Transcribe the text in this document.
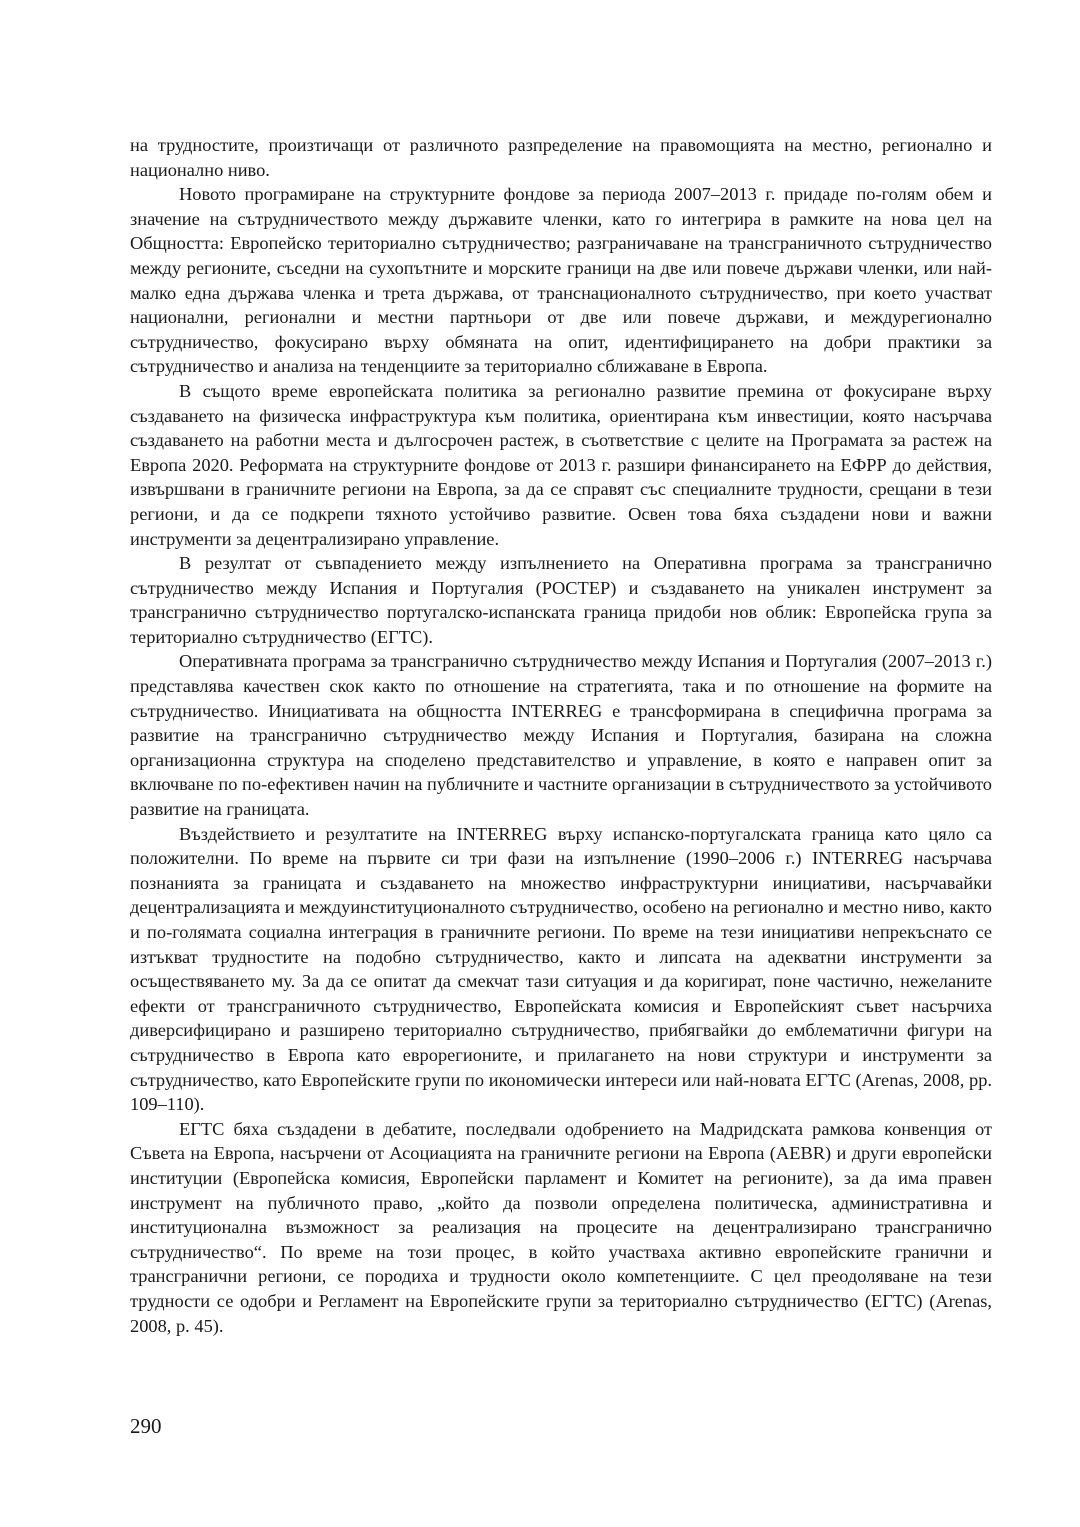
на трудностите, произтичащи от различното разпределение на правомощията на местно, регионално и национално ниво.

Новото програмиране на структурните фондове за периода 2007–2013 г. придаде по-голям обем и значение на сътрудничеството между държавите членки, като го интегрира в рамките на нова цел на Общността: Европейско териториално сътрудничество; разграничаване на трансграничното сътрудничество между регионите, съседни на сухопътните и морските граници на две или повече държави членки, или най-малко една държава членка и трета държава, от транснационалното сътрудничество, при което участват национални, регионални и местни партньори от две или повече държави, и междурегионално сътрудничество, фокусирано върху обмяната на опит, идентифицирането на добри практики за сътрудничество и анализа на тенденциите за териториално сближаване в Европа.

В същото време европейската политика за регионално развитие премина от фокусиране върху създаването на физическа инфраструктура към политика, ориентирана към инвестиции, която насърчава създаването на работни места и дългосрочен растеж, в съответствие с целите на Програмата за растеж на Европа 2020. Реформата на структурните фондове от 2013 г. разшири финансирането на ЕФРР до действия, извършвани в граничните региони на Европа, за да се справят със специалните трудности, срещани в тези региони, и да се подкрепи тяхното устойчиво развитие. Освен това бяха създадени нови и важни инструменти за децентрализирано управление.

В резултат от съвпадението между изпълнението на Оперативна програма за трансгранично сътрудничество между Испания и Португалия (POCTEP) и създаването на уникален инструмент за трансгранично сътрудничество португалско-испанската граница придоби нов облик: Европейска група за териториално сътрудничество (ЕГТС).

Оперативната програма за трансгранично сътрудничество между Испания и Португалия (2007–2013 г.) представлява качествен скок както по отношение на стратегията, така и по отношение на формите на сътрудничество. Инициативата на общността INTERREG е трансформирана в специфична програма за развитие на трансгранично сътрудничество между Испания и Португалия, базирана на сложна организационна структура на споделено представителство и управление, в която е направен опит за включване по по-ефективен начин на публичните и частните организации в сътрудничеството за устойчивото развитие на границата.

Въздействието и резултатите на INTERREG върху испанско-португалската граница като цяло са положителни. По време на първите си три фази на изпълнение (1990–2006 г.) INTERREG насърчава познанията за границата и създаването на множество инфраструктурни инициативи, насърчавайки децентрализацията и междуинституционалното сътрудничество, особено на регионално и местно ниво, както и по-голямата социална интеграция в граничните региони. По време на тези инициативи непрекъснато се изтъкват трудностите на подобно сътрудничество, както и липсата на адекватни инструменти за осъществяването му. За да се опитат да смекчат тази ситуация и да коригират, поне частично, нежеланите ефекти от трансграничното сътрудничество, Европейската комисия и Европейският съвет насърчиха диверсифицирано и разширено териториално сътрудничество, прибягвайки до емблематични фигури на сътрудничество в Европа като еврорeгионите, и прилагането на нови структури и инструменти за сътрудничество, като Европейските групи по икономически интереси или най-новата ЕГТС (Arenas, 2008, pp. 109–110).

ЕГТС бяха създадени в дебатите, последвали одобрението на Мадридската рамкова конвенция от Съвета на Европа, насърчени от Асоциацията на граничните региони на Европа (AEBR) и други европейски институции (Европейска комисия, Европейски парламент и Комитет на регионите), за да има правен инструмент на публичното право, „който да позволи определена политическа, административна и институционална възможност за реализация на процесите на децентрализирано трансгранично сътрудничество“. По време на този процес, в който участваха активно европейските гранични и трансгранични региони, се породиха и трудности около компетенциите. С цел преодоляване на тези трудности се одобри и Регламент на Европейските групи за териториално сътрудничество (ЕГТС) (Arenas, 2008, p. 45).

290
